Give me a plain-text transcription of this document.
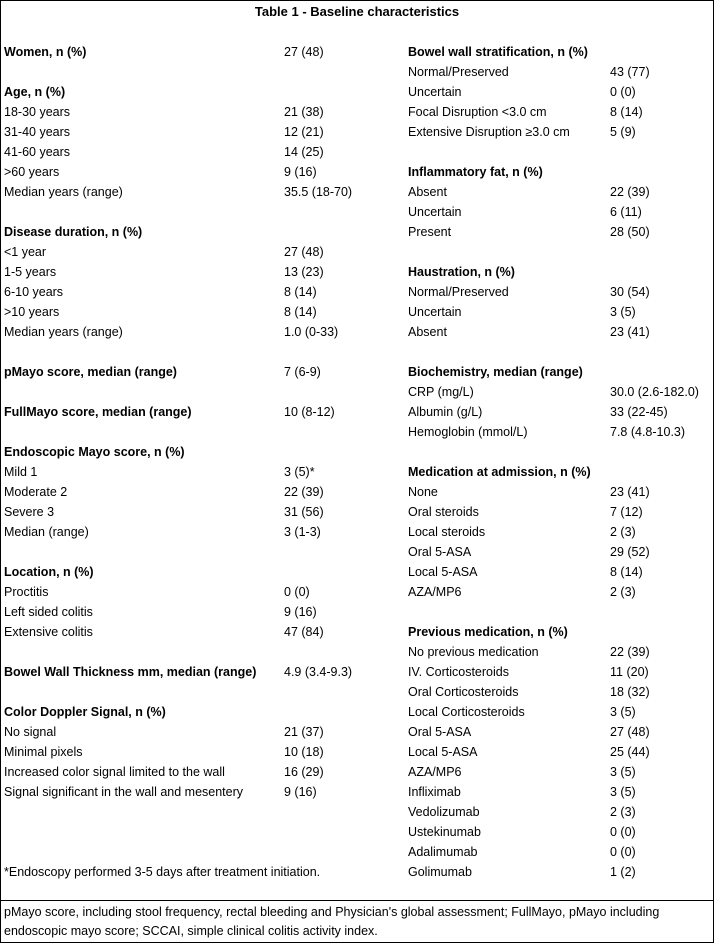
Table 1 - Baseline characteristics
Women, n (%)	27 (48)
Age, n (%)
18-30 years	21 (38)
31-40 years	12 (21)
41-60 years	14 (25)
>60 years	9 (16)
Median years (range)	35.5 (18-70)
Disease duration, n (%)
<1 year	27 (48)
1-5 years	13 (23)
6-10 years	8 (14)
>10 years	8 (14)
Median years (range)	1.0 (0-33)
pMayo score, median (range)	7 (6-9)
FullMayo score, median (range)	10 (8-12)
Endoscopic Mayo score, n (%)
Mild 1	3 (5)*
Moderate 2	22 (39)
Severe 3	31 (56)
Median (range)	3 (1-3)
Location, n (%)
Proctitis	0 (0)
Left sided colitis	9 (16)
Extensive colitis	47 (84)
Bowel Wall Thickness mm, median (range) 4.9 (3.4-9.3)
Color Doppler Signal, n (%)
No signal	21 (37)
Minimal pixels	10 (18)
Increased color signal limited to the wall	16 (29)
Signal significant in the wall and mesentery	9 (16)
Bowel wall stratification, n (%)
Normal/Preserved	43 (77)
Uncertain	0 (0)
Focal Disruption <3.0 cm	8 (14)
Extensive Disruption ≥3.0 cm	5 (9)
Inflammatory fat, n (%)
Absent	22 (39)
Uncertain	6 (11)
Present	28 (50)
Haustration, n (%)
Normal/Preserved	30 (54)
Uncertain	3 (5)
Absent	23 (41)
Biochemistry, median (range)
CRP (mg/L)	30.0 (2.6-182.0)
Albumin (g/L)	33 (22-45)
Hemoglobin (mmol/L)	7.8 (4.8-10.3)
Medication at admission, n (%)
None	23 (41)
Oral steroids	7 (12)
Local steroids	2 (3)
Oral 5-ASA	29 (52)
Local 5-ASA	8 (14)
AZA/MP6	2 (3)
Previous medication, n (%)
No previous medication	22 (39)
IV. Corticosteroids	11 (20)
Oral Corticosteroids	18 (32)
Local Corticosteroids	3 (5)
Oral 5-ASA	27 (48)
Local 5-ASA	25 (44)
AZA/MP6	3 (5)
Infliximab	3 (5)
Vedolizumab	2 (3)
Ustekinumab	0 (0)
Adalimumab	0 (0)
Golimumab	1 (2)
*Endoscopy performed 3-5 days after treatment initiation.
pMayo score, including stool frequency, rectal bleeding and Physician's global assessment; FullMayo, pMayo including endoscopic mayo score; SCCAI, simple clinical colitis activity index.
